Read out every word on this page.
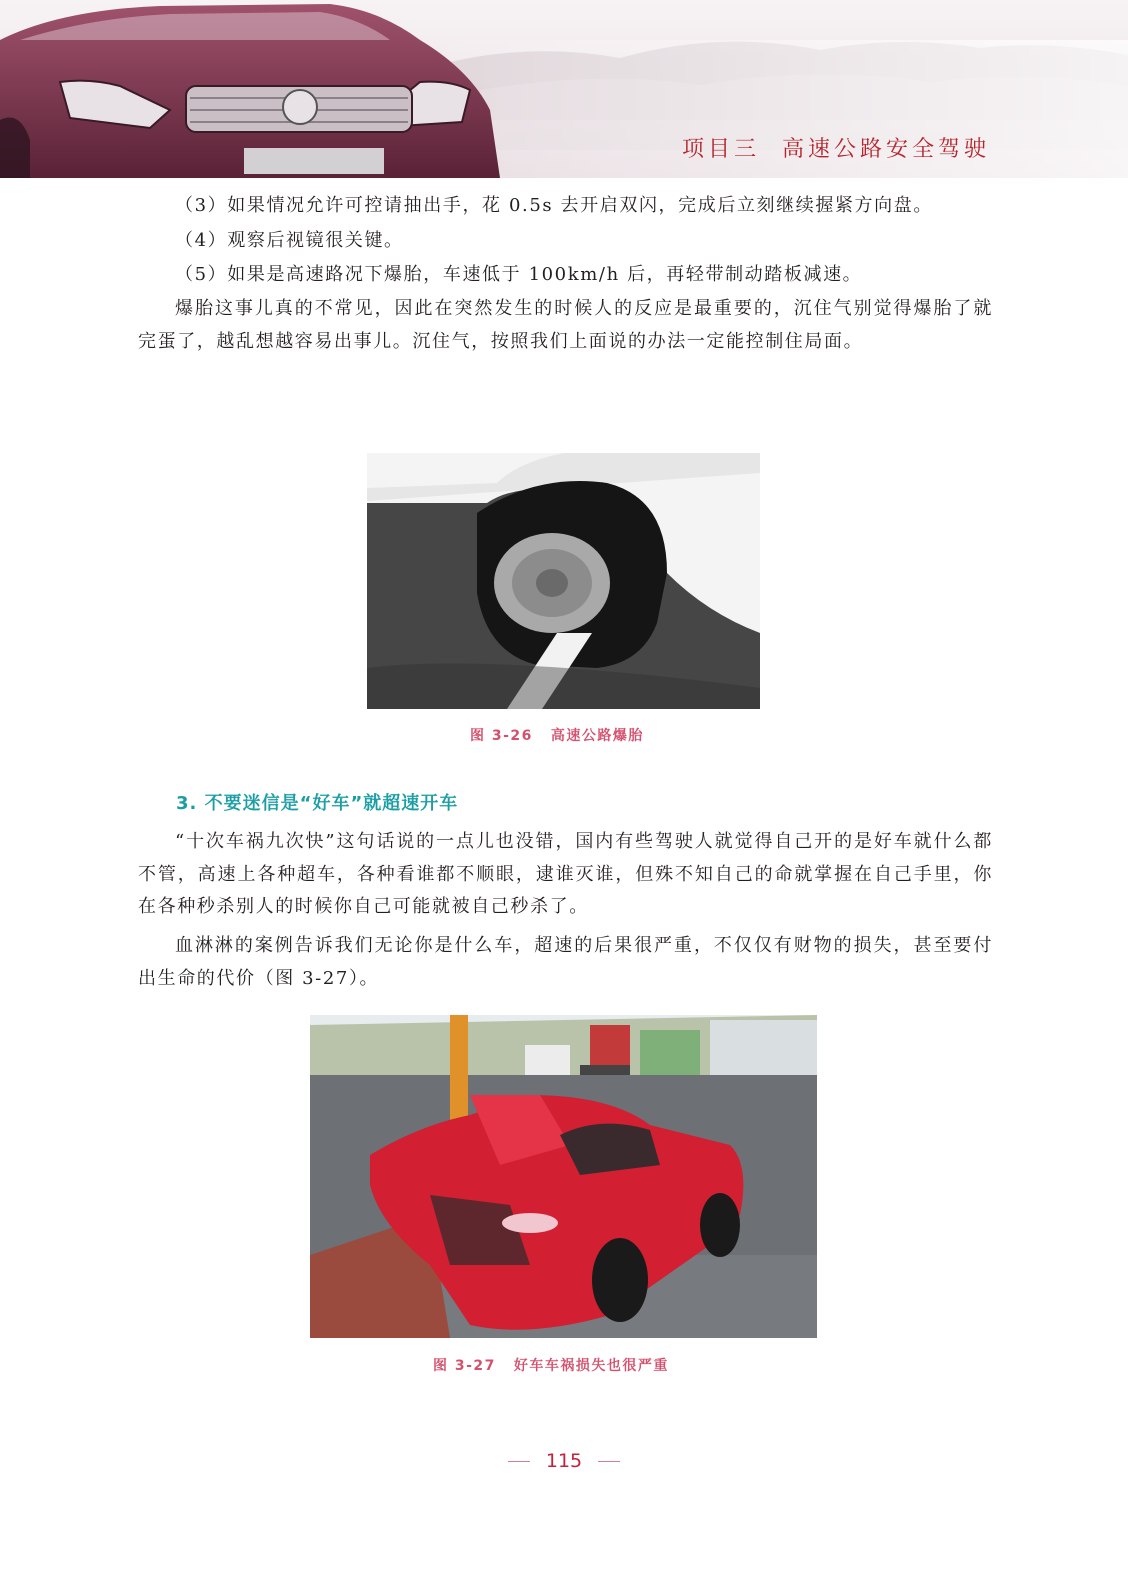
项目三 高速公路安全驾驶

（3）如果情况允许可控请抽出手，花 0.5s 去开启双闪，完成后立刻继续握紧方向盘。

（4）观察后视镜很关键。

（5）如果是高速路况下爆胎，车速低于 100km/h 后，再轻带制动踏板减速。

爆胎这事儿真的不常见，因此在突然发生的时候人的反应是最重要的，沉住气别觉得爆胎了就完蛋了，越乱想越容易出事儿。沉住气，按照我们上面说的办法一定能控制住局面。

图 3-26 高速公路爆胎
3. 不要迷信是“好车”就超速开车

“十次车祸九次快”这句话说的一点儿也没错，国内有些驾驶人就觉得自己开的是好车就什么都不管，高速上各种超车，各种看谁都不顺眼，逮谁灭谁，但殊不知自己的命就掌握在自己手里，你在各种秒杀别人的时候你自己可能就被自己秒杀了。

血淋淋的案例告诉我们无论你是什么车，超速的后果很严重，不仅仅有财物的损失，甚至要付出生命的代价（图 3-27）。

图 3-27 好车车祸损失也很严重
115
